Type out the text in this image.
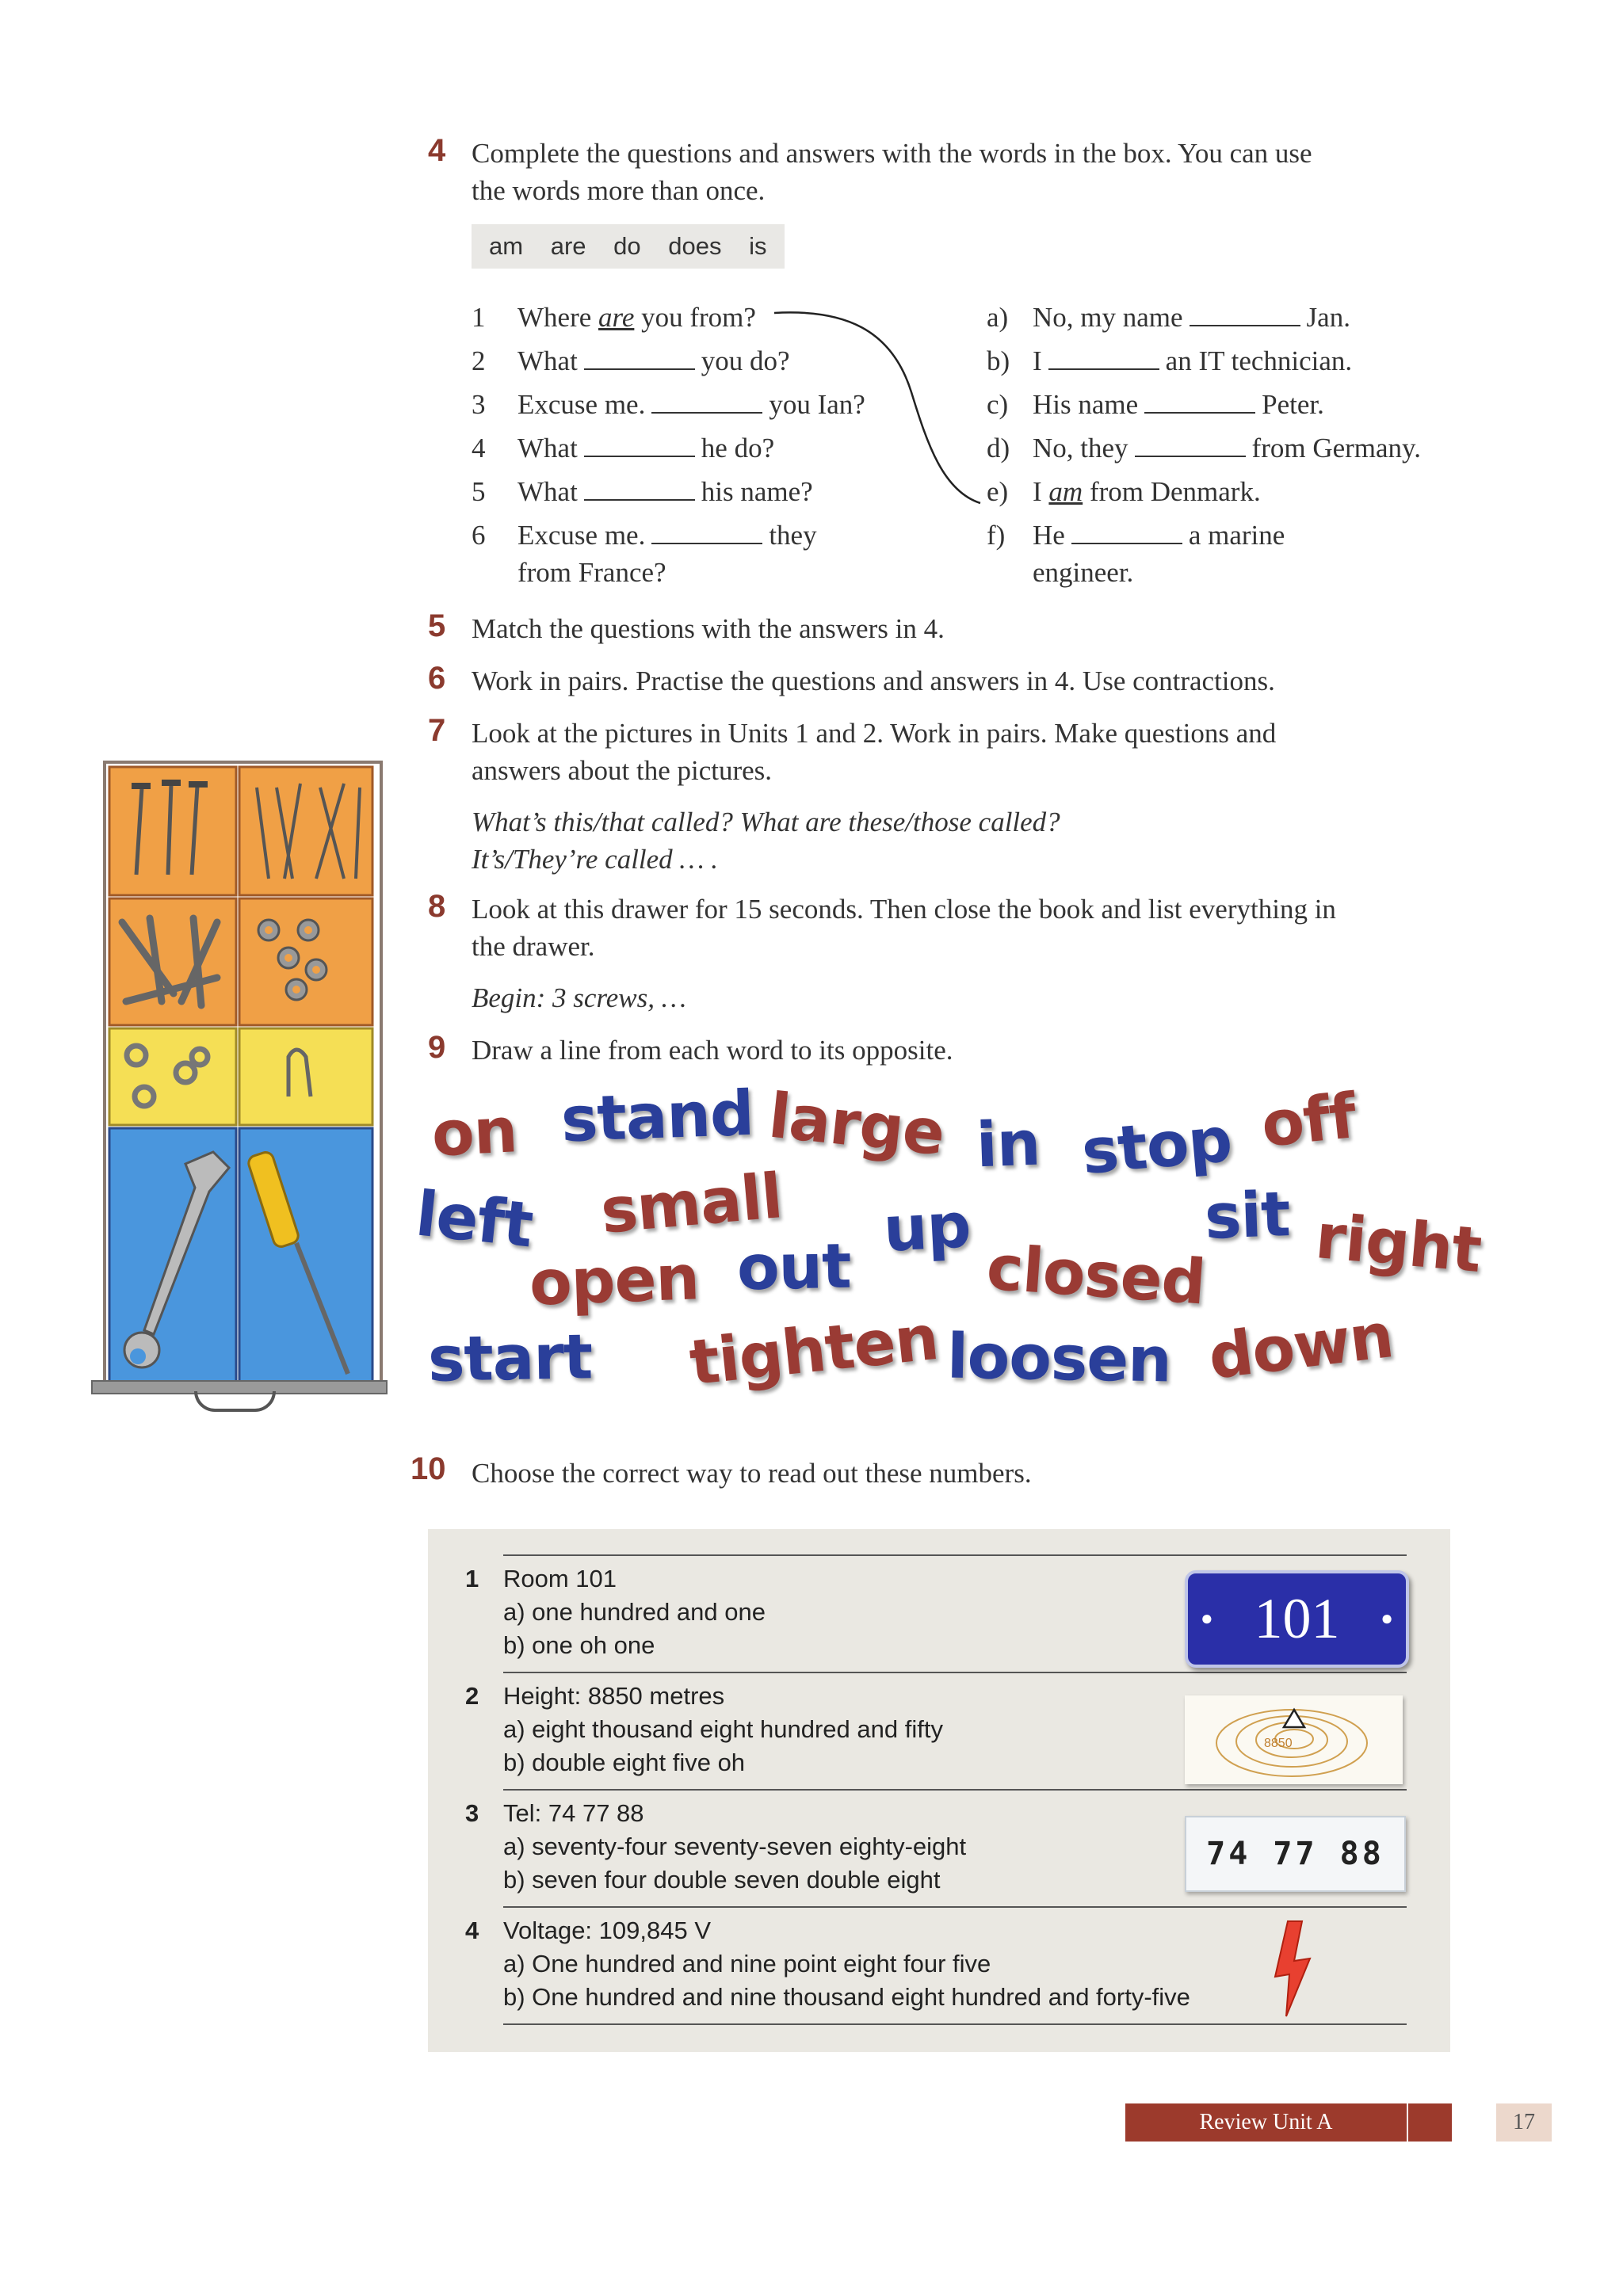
4 Complete the questions and answers with the words in the box. You can use
the words more than once.
am are do does is
1 Where are you from?
2 What	you do?
3 Excuse me.	you Ian?
4 What	he do?
5 What	his name?
6 Excuse me.	they
from France?
a) No, my name	Jan.
b) I	an IT technician.
c) His name	Peter.
d) No, they	from Germany.
e) I am from Denmark.
f) He	a marine
engineer.
5 Match the questions with the answers in 4.
6 Work in pairs. Practise the questions and answers in 4. Use contractions.
7 Look at the pictures in Units 1 and 2. Work in pairs. Make questions and
answers about the pictures.
What’s this/that called? What are these/those called?
It’s/They’re called … .
8 Look at this drawer for 15 seconds. Then close the book and list everything in
the drawer.
Begin: 3 screws, …
9 Draw a line from each word to its opposite.
on stand large in stop off
left small up	sit right
open out closed
start tighten loosen down
10 Choose the correct way to read out these numbers.
1 Room 101
a) one hundred and one
b) one oh one
2 Height: 8850 metres
a) eight thousand eight hundred and fifty
b) double eight five oh
3 Tel: 74 77 88
a) seventy-four seventy-seven eighty-eight
b) seven four double seven double eight
4 Voltage: 109,845 V
a) One hundred and nine point eight four five
b) One hundred and nine thousand eight hundred and forty-five
● 101 ●
8850
74 77 88
Review Unit A	17
